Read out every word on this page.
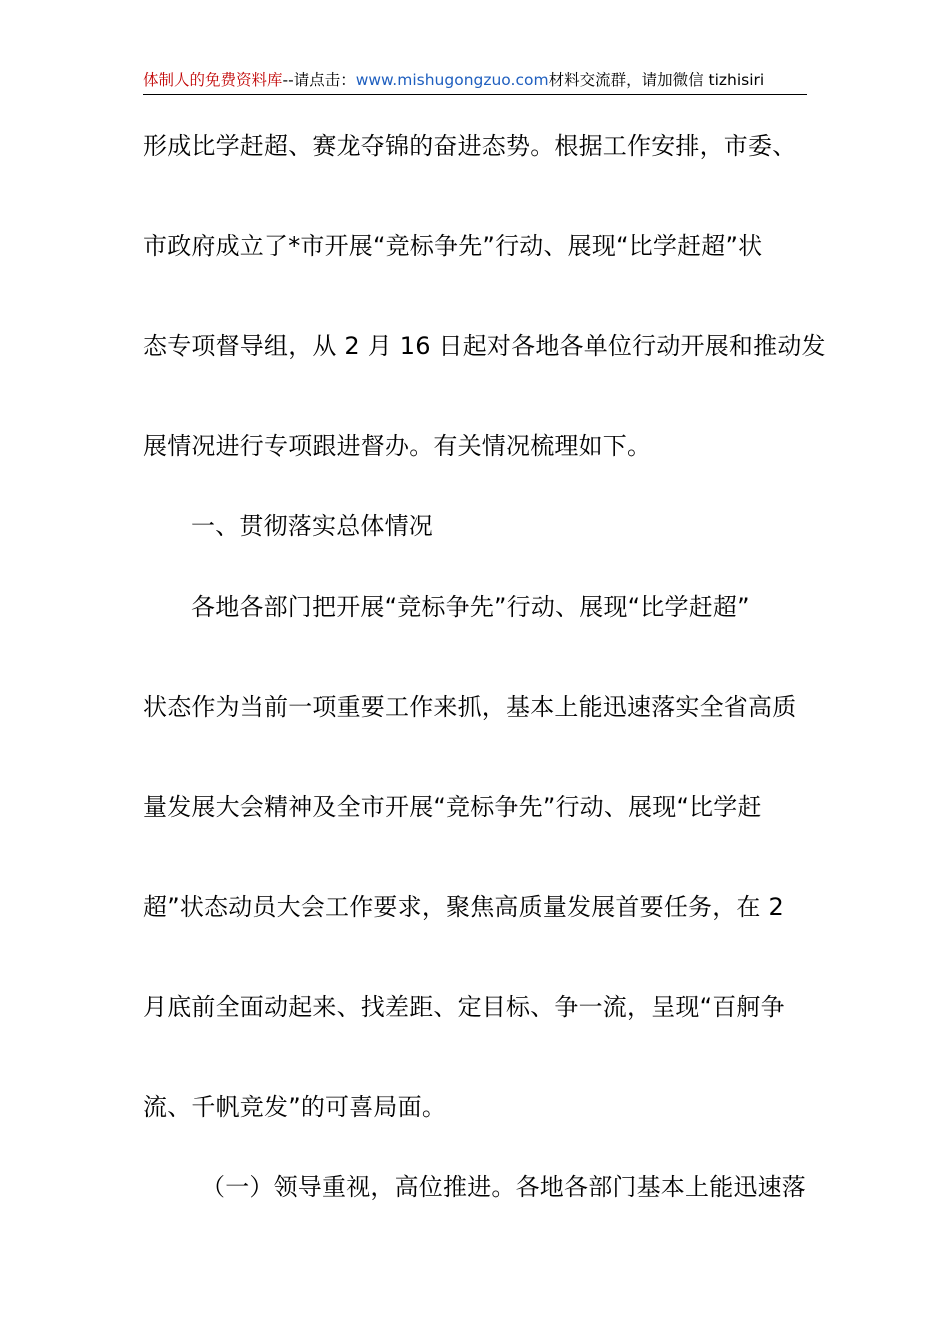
体制人的免费资料库--请点击：www.mishugongzuo.com材料交流群，请加微信 tizhisiri
形成比学赶超、赛龙夺锦的奋进态势。根据工作安排，市委、
市政府成立了*市开展“竞标争先”行动、展现“比学赶超”状
态专项督导组，从 2 月 16 日起对各地各单位行动开展和推动发
展情况进行专项跟进督办。有关情况梳理如下。
一、贯彻落实总体情况
各地各部门把开展“竞标争先”行动、展现“比学赶超”
状态作为当前一项重要工作来抓，基本上能迅速落实全省高质
量发展大会精神及全市开展“竞标争先”行动、展现“比学赶
超”状态动员大会工作要求，聚焦高质量发展首要任务，在 2
月底前全面动起来、找差距、定目标、争一流，呈现“百舸争
流、千帆竞发”的可喜局面。
（一）领导重视，高位推进。各地各部门基本上能迅速落
